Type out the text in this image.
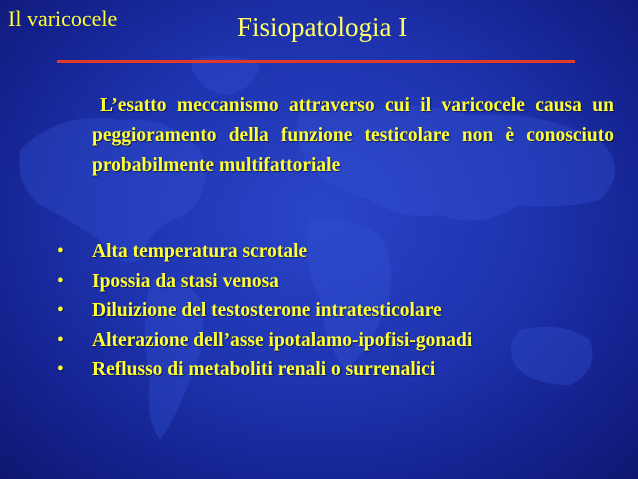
Il varicocele	Fisiopatologia I
L’esatto meccanismo attraverso cui il varicocele causa un peggioramento della funzione testicolare non è conosciuto probabilmente multifattoriale
• Alta temperatura scrotale
• Ipossia da stasi venosa
• Diluizione del testosterone intratesticolare
• Alterazione dell’asse ipotalamo-ipofisi-gonadi
• Reflusso di metaboliti renali o surrenalici
